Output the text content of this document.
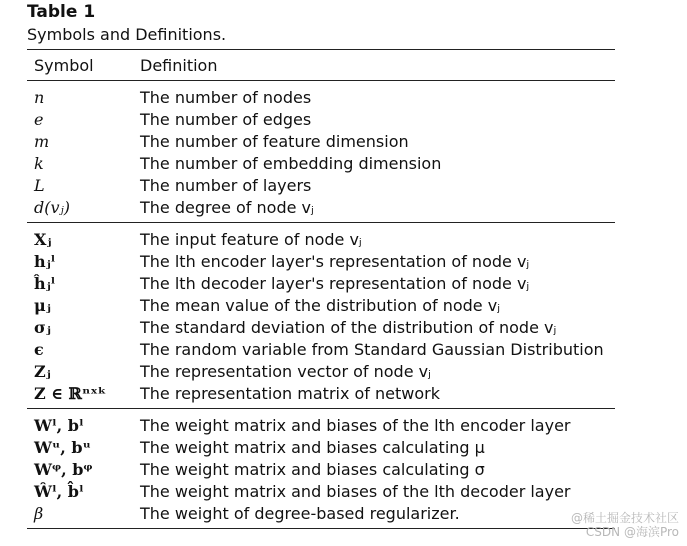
Table 1
Symbols and Definitions.
Symbol	Definition
n	The number of nodes
e	The number of edges
m	The number of feature dimension
k	The number of embedding dimension
L	The number of layers
d(vⱼ)	The degree of node vⱼ
Xⱼ	The input feature of node vⱼ
hⱼˡ	The lth encoder layer's representation of node vⱼ
ĥⱼˡ	The lth decoder layer's representation of node vⱼ
μⱼ	The mean value of the distribution of node vⱼ
σⱼ	The standard deviation of the distribution of node vⱼ
ϵ	The random variable from Standard Gaussian Distribution
Zⱼ	The representation vector of node vⱼ
Z ∈ ℝⁿˣᵏ	The representation matrix of network
Wˡ, bˡ	The weight matrix and biases of the lth encoder layer
Wᵘ, bᵘ	The weight matrix and biases calculating μ
Wᵠ, bᵠ	The weight matrix and biases calculating σ
Ŵˡ, b̂ˡ	The weight matrix and biases of the lth decoder layer
β	The weight of degree-based regularizer.	@稀土掘金技术社区
CSDN @海滨Pro
